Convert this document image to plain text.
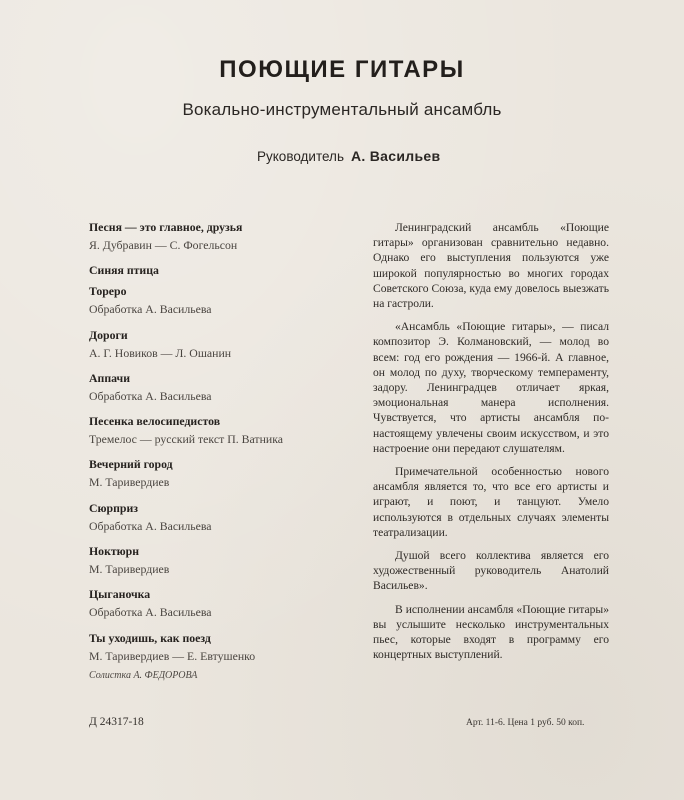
ПОЮЩИЕ ГИТАРЫ
Вокально-инструментальный ансамбль
Руководитель А. Васильев
Песня — это главное, друзья
Я. Дубравин — С. Фогельсон
Синяя птица
Тореро
Обработка А. Васильева
Дороги
А. Г. Новиков — Л. Ошанин
Аппачи
Обработка А. Васильева
Песенка велосипедистов
Тремелос — русский текст П. Ватника
Вечерний город
М. Таривердиев
Сюрприз
Обработка А. Васильева
Ноктюрн
М. Таривердиев
Цыганочка
Обработка А. Васильева
Ты уходишь, как поезд
М. Таривердиев — Е. Евтушенко
Солистка А. ФЕДОРОВА

Ленинградский ансамбль «Поющие гитары» организован сравнительно недавно. Однако его выступления пользуются уже широкой популярностью во многих городах Советского Союза, куда ему довелось выезжать на гастроли.

«Ансамбль «Поющие гитары», — писал композитор Э. Колмановский, — молод во всем: год его рождения — 1966-й. А главное, он молод по духу, творческому темпераменту, задору. Ленинградцев отличает яркая, эмоциональная манера исполнения. Чувствуется, что артисты ансамбля по-настоящему увлечены своим искусством, и это настроение они передают слушателям.

Примечательной особенностью нового ансамбля является то, что все его артисты и играют, и поют, и танцуют. Умело используются в отдельных случаях элементы театрализации.

Душой всего коллектива является его художественный руководитель Анатолий Васильев».

В исполнении ансамбля «Поющие гитары» вы услышите несколько инструментальных пьес, которые входят в программу его концертных выступлений.

Д 24317-18	Арт. 11-6. Цена 1 руб. 50 коп.
